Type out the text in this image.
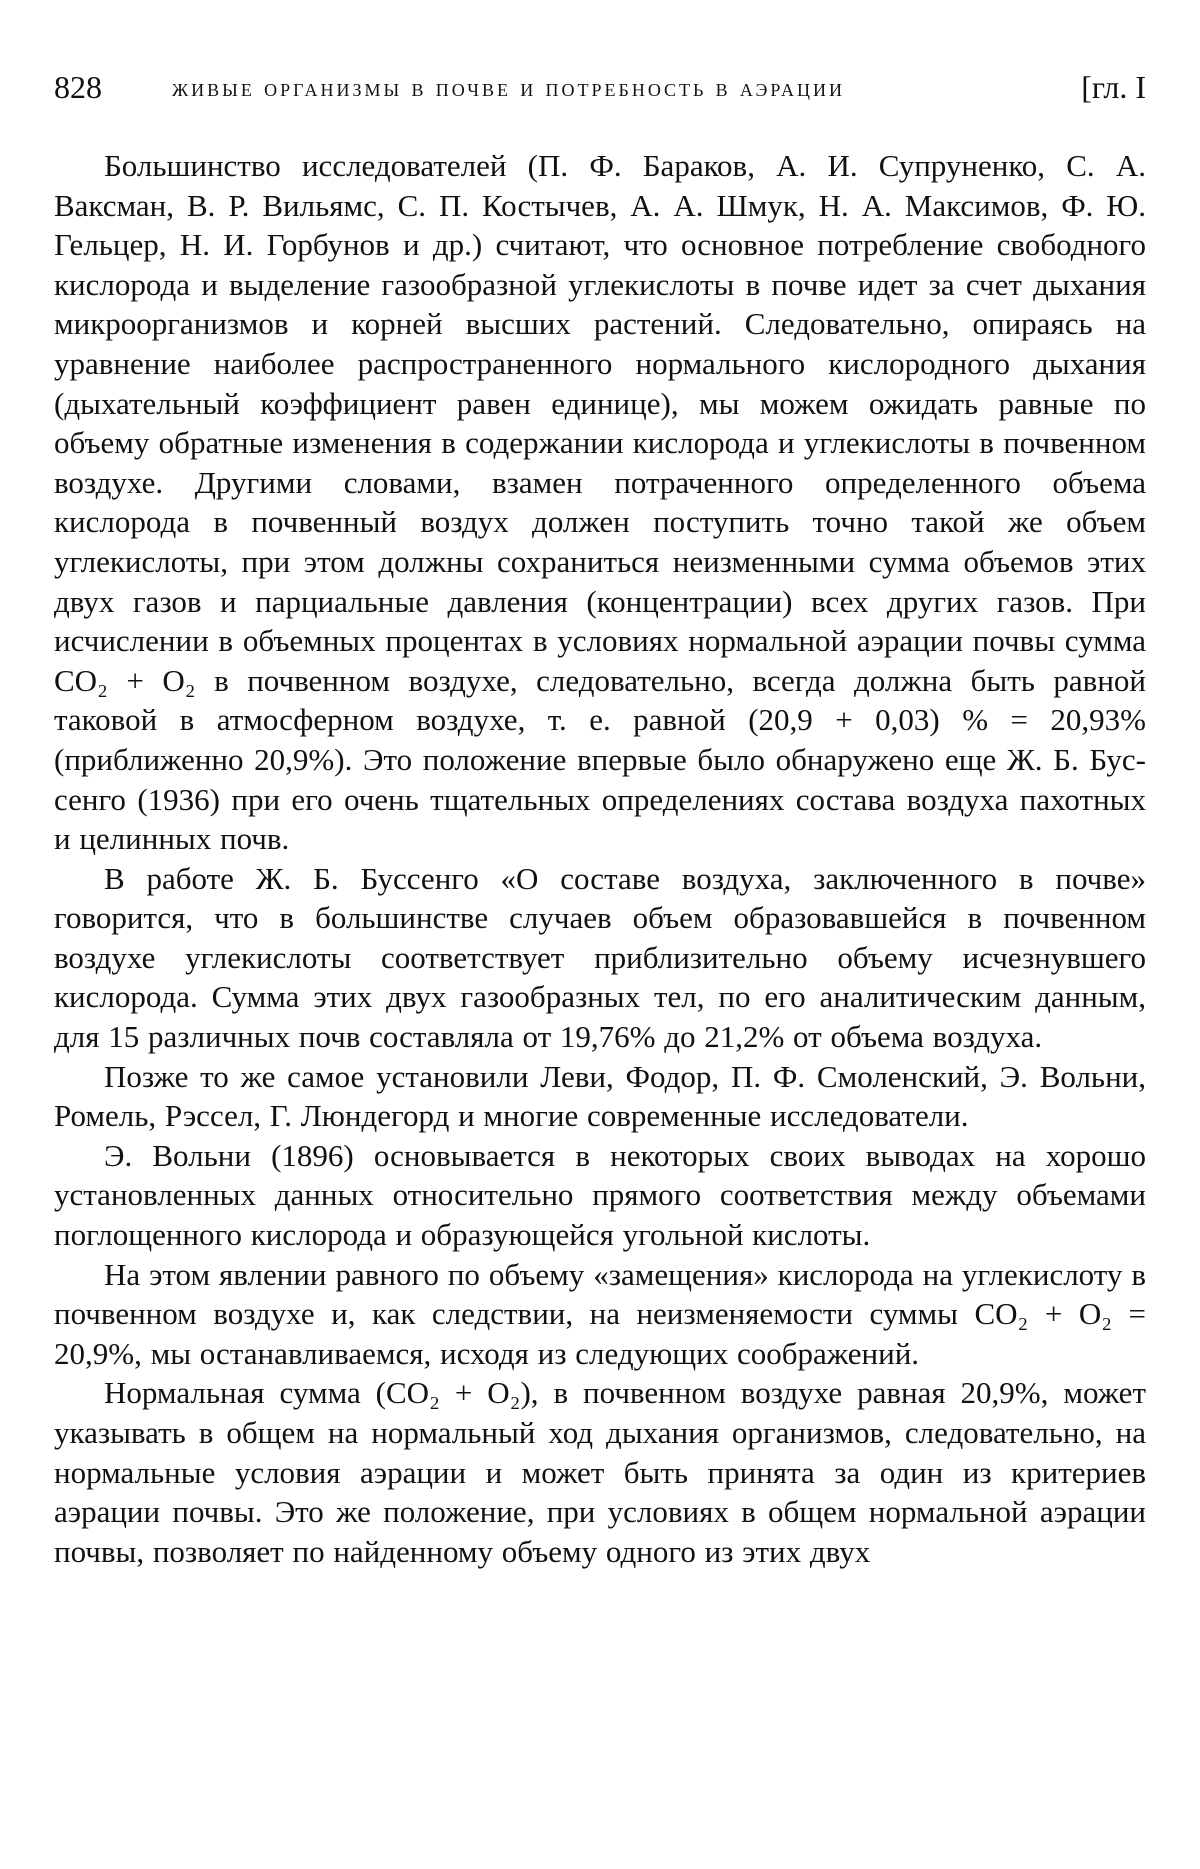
828	живые организмы в почве и потребность в аэрации	[гл. I

Большинство исследователей (П. Ф. Бараков, А. И. Супруненко, С. А. Ваксман, В. Р. Вильямс, С. П. Костычев, А. А. Шмук, Н. А. Максимов, Ф. Ю. Гельцер, Н. И. Горбунов и др.) считают, что основное потребление свободного кислорода и выделение газообразной углекислоты в почве идет за счет дыхания микроорганизмов и корней высших растений. Следовательно, опираясь на уравнение наиболее распространенного нормального кислородного дыхания (дыхательный коэффициент равен единице), мы можем ожидать равные по объему обратные изменения в содержании кислорода и углекислоты в почвенном воздухе. Другими словами, взамен потраченного определенного объема кислорода в почвенный воздух должен поступить точно такой же объем углекислоты, при этом должны сохраниться неизменными сумма объемов этих двух газов и парциальные давления (концентрации) всех других газов. При исчислении в объемных процентах в условиях нормальной аэрации почвы сумма CO₂ + O₂ в почвенном воздухе, следовательно, всегда должна быть равной таковой в атмосферном воздухе, т. е. равной (20,9 + 0,03) % = 20,93% (приближенно 20,9%). Это положение впервые было обнаружено еще Ж. Б. Буссенго (1936) при его очень тщательных определениях состава воздуха пахотных и целинных почв.

В работе Ж. Б. Буссенго «О составе воздуха, заключенного в почве» говорится, что в большинстве случаев объем образовавшейся в почвенном воздухе углекислоты соответствует приблизительно объему исчезнувшего кислорода. Сумма этих двух газообразных тел, по его аналитическим данным, для 15 различных почв составляла от 19,76% до 21,2% от объема воздуха.

Позже то же самое установили Леви, Фодор, П. Ф. Смоленский, Э. Вольни, Ромель, Рэссел, Г. Люндегорд и многие современные исследователи.

Э. Вольни (1896) основывается в некоторых своих выводах на хорошо установленных данных относительно прямого соответствия между объемами поглощенного кислорода и образующейся угольной кислоты.

На этом явлении равного по объему «замещения» кислорода на углекислоту в почвенном воздухе и, как следствии, на неизменяемости суммы CO₂ + O₂ = 20,9%, мы останавливаемся, исходя из следующих соображений.

Нормальная сумма (CO₂ + O₂), в почвенном воздухе равная 20,9%, может указывать в общем на нормальный ход дыхания организмов, следовательно, на нормальные условия аэрации и может быть принята за один из критериев аэрации почвы. Это же положение, при условиях в общем нормальной аэрации почвы, позволяет по найденному объему одного из этих двух
